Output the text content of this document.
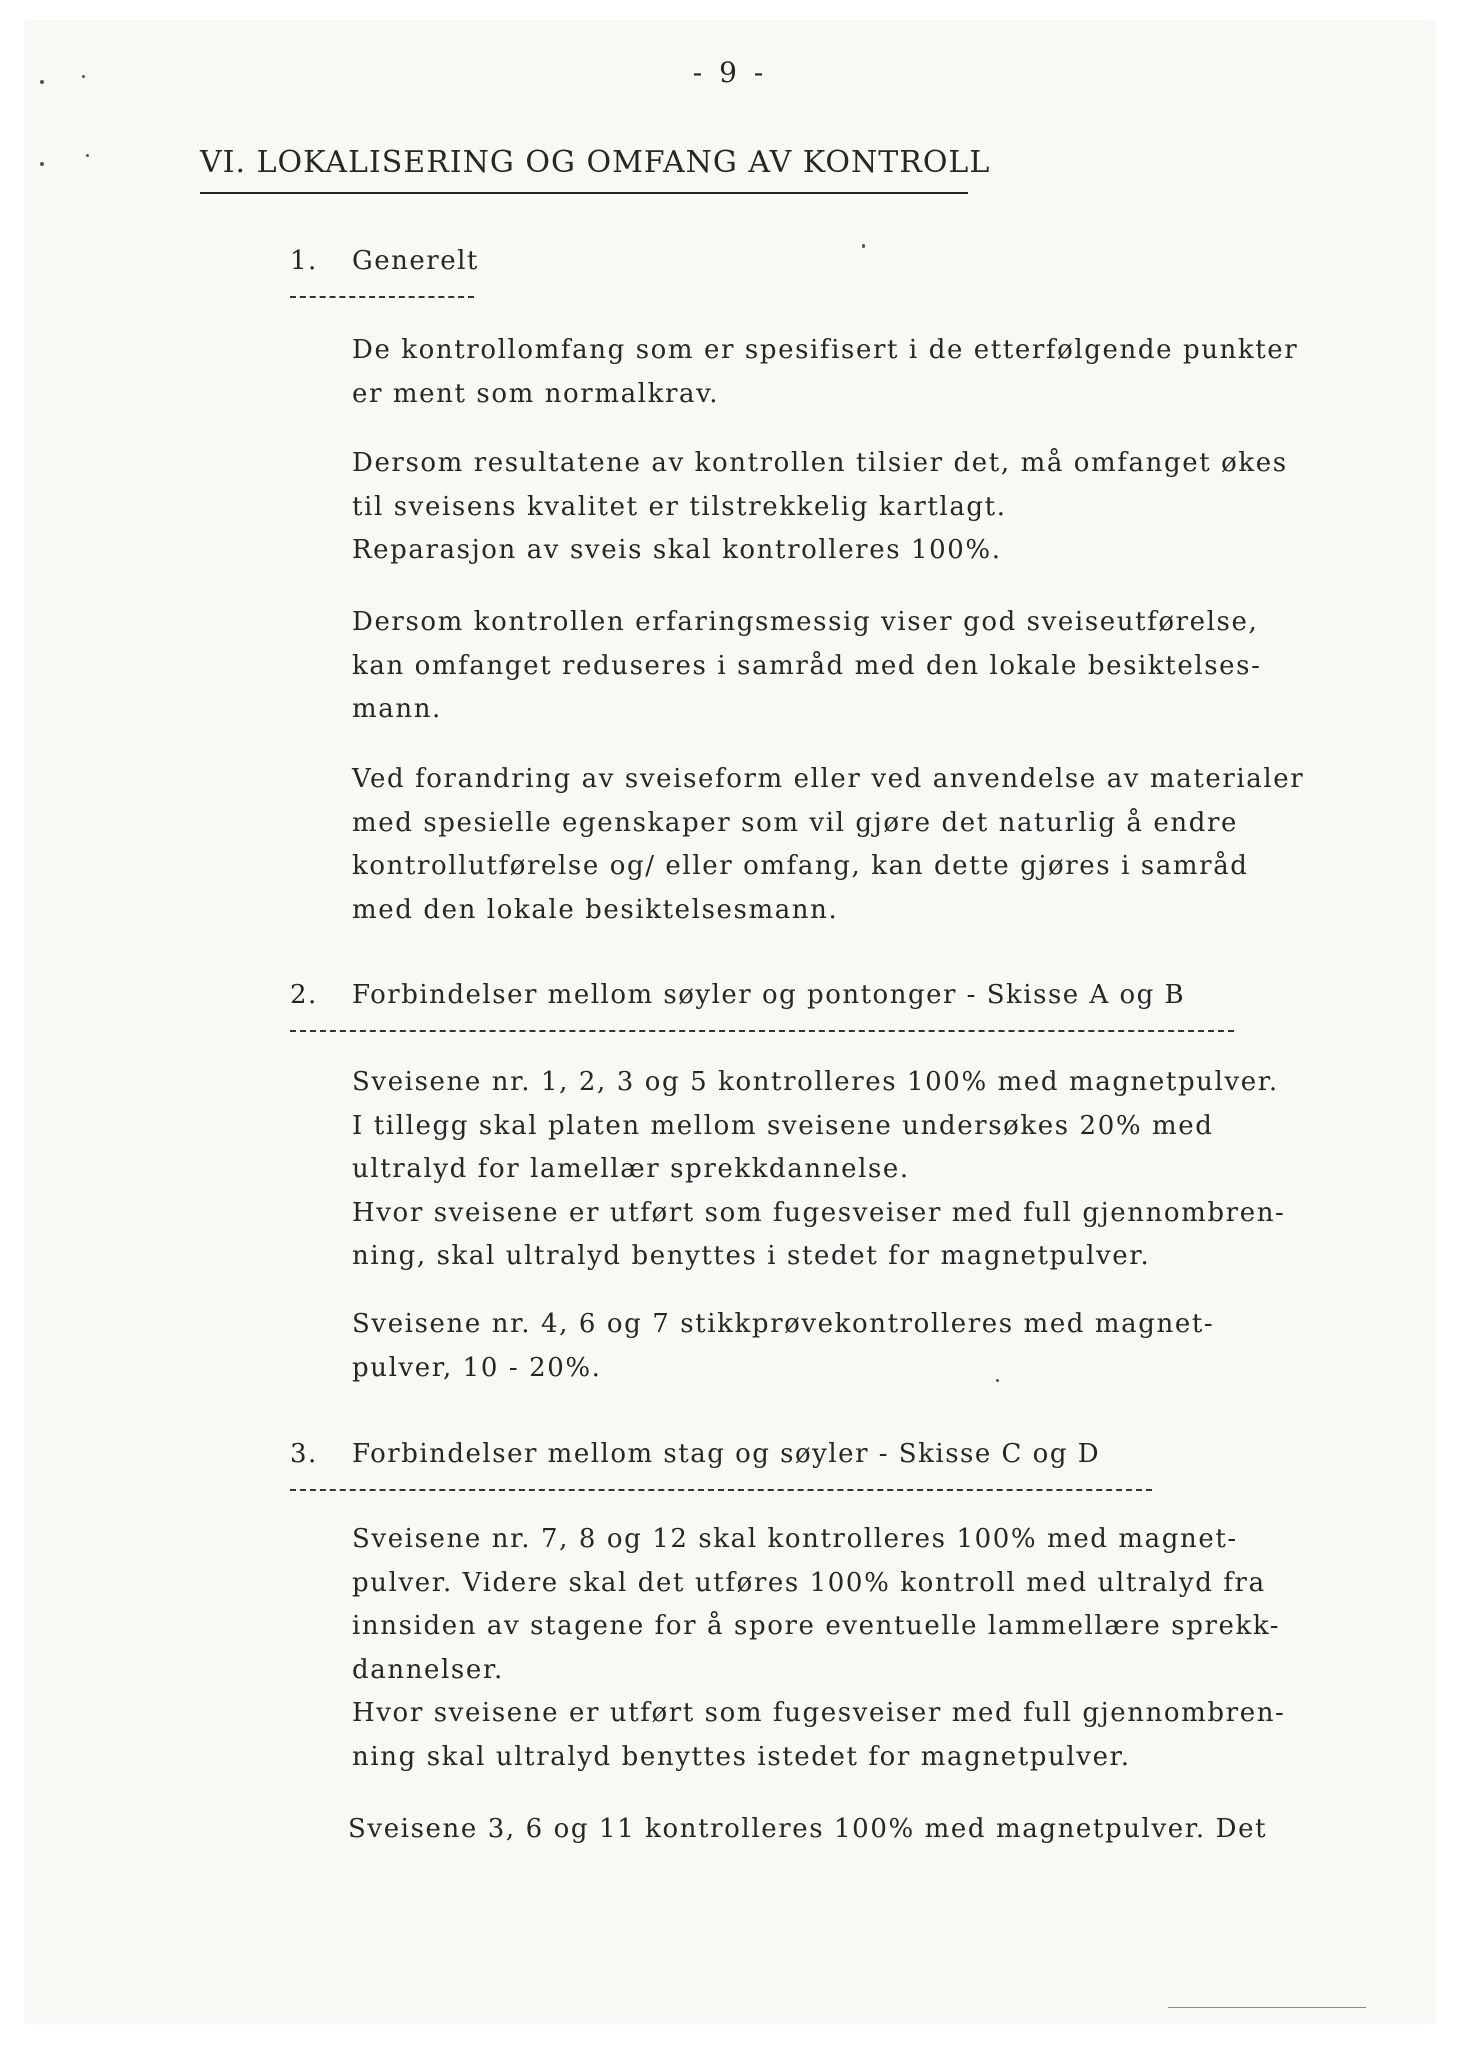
- 9 -
VI. LOKALISERING OG OMFANG AV KONTROLL
1. Generelt
De kontrollomfang som er spesifisert i de etterfølgende punkter
er ment som normalkrav.
Dersom resultatene av kontrollen tilsier det, må omfanget økes
til sveisens kvalitet er tilstrekkelig kartlagt.
Reparasjon av sveis skal kontrolleres 100%.
Dersom kontrollen erfaringsmessig viser god sveiseutførelse,
kan omfanget reduseres i samråd med den lokale besiktelses-
mann.
Ved forandring av sveiseform eller ved anvendelse av materialer
med spesielle egenskaper som vil gjøre det naturlig å endre
kontrollutførelse og/ eller omfang, kan dette gjøres i samråd
med den lokale besiktelsesmann.
2. Forbindelser mellom søyler og pontonger - Skisse A og B
Sveisene nr. 1, 2, 3 og 5 kontrolleres 100% med magnetpulver.
I tillegg skal platen mellom sveisene undersøkes 20% med
ultralyd for lamellær sprekkdannelse.
Hvor sveisene er utført som fugesveiser med full gjennombren-
ning, skal ultralyd benyttes i stedet for magnetpulver.
Sveisene nr. 4, 6 og 7 stikkprøvekontrolleres med magnet-
pulver, 10 - 20%.
3. Forbindelser mellom stag og søyler - Skisse C og D
Sveisene nr. 7, 8 og 12 skal kontrolleres 100% med magnet-
pulver. Videre skal det utføres 100% kontroll med ultralyd fra
innsiden av stagene for å spore eventuelle lammellære sprekk-
dannelser.
Hvor sveisene er utført som fugesveiser med full gjennombren-
ning skal ultralyd benyttes istedet for magnetpulver.
Sveisene 3, 6 og 11 kontrolleres 100% med magnetpulver. Det
